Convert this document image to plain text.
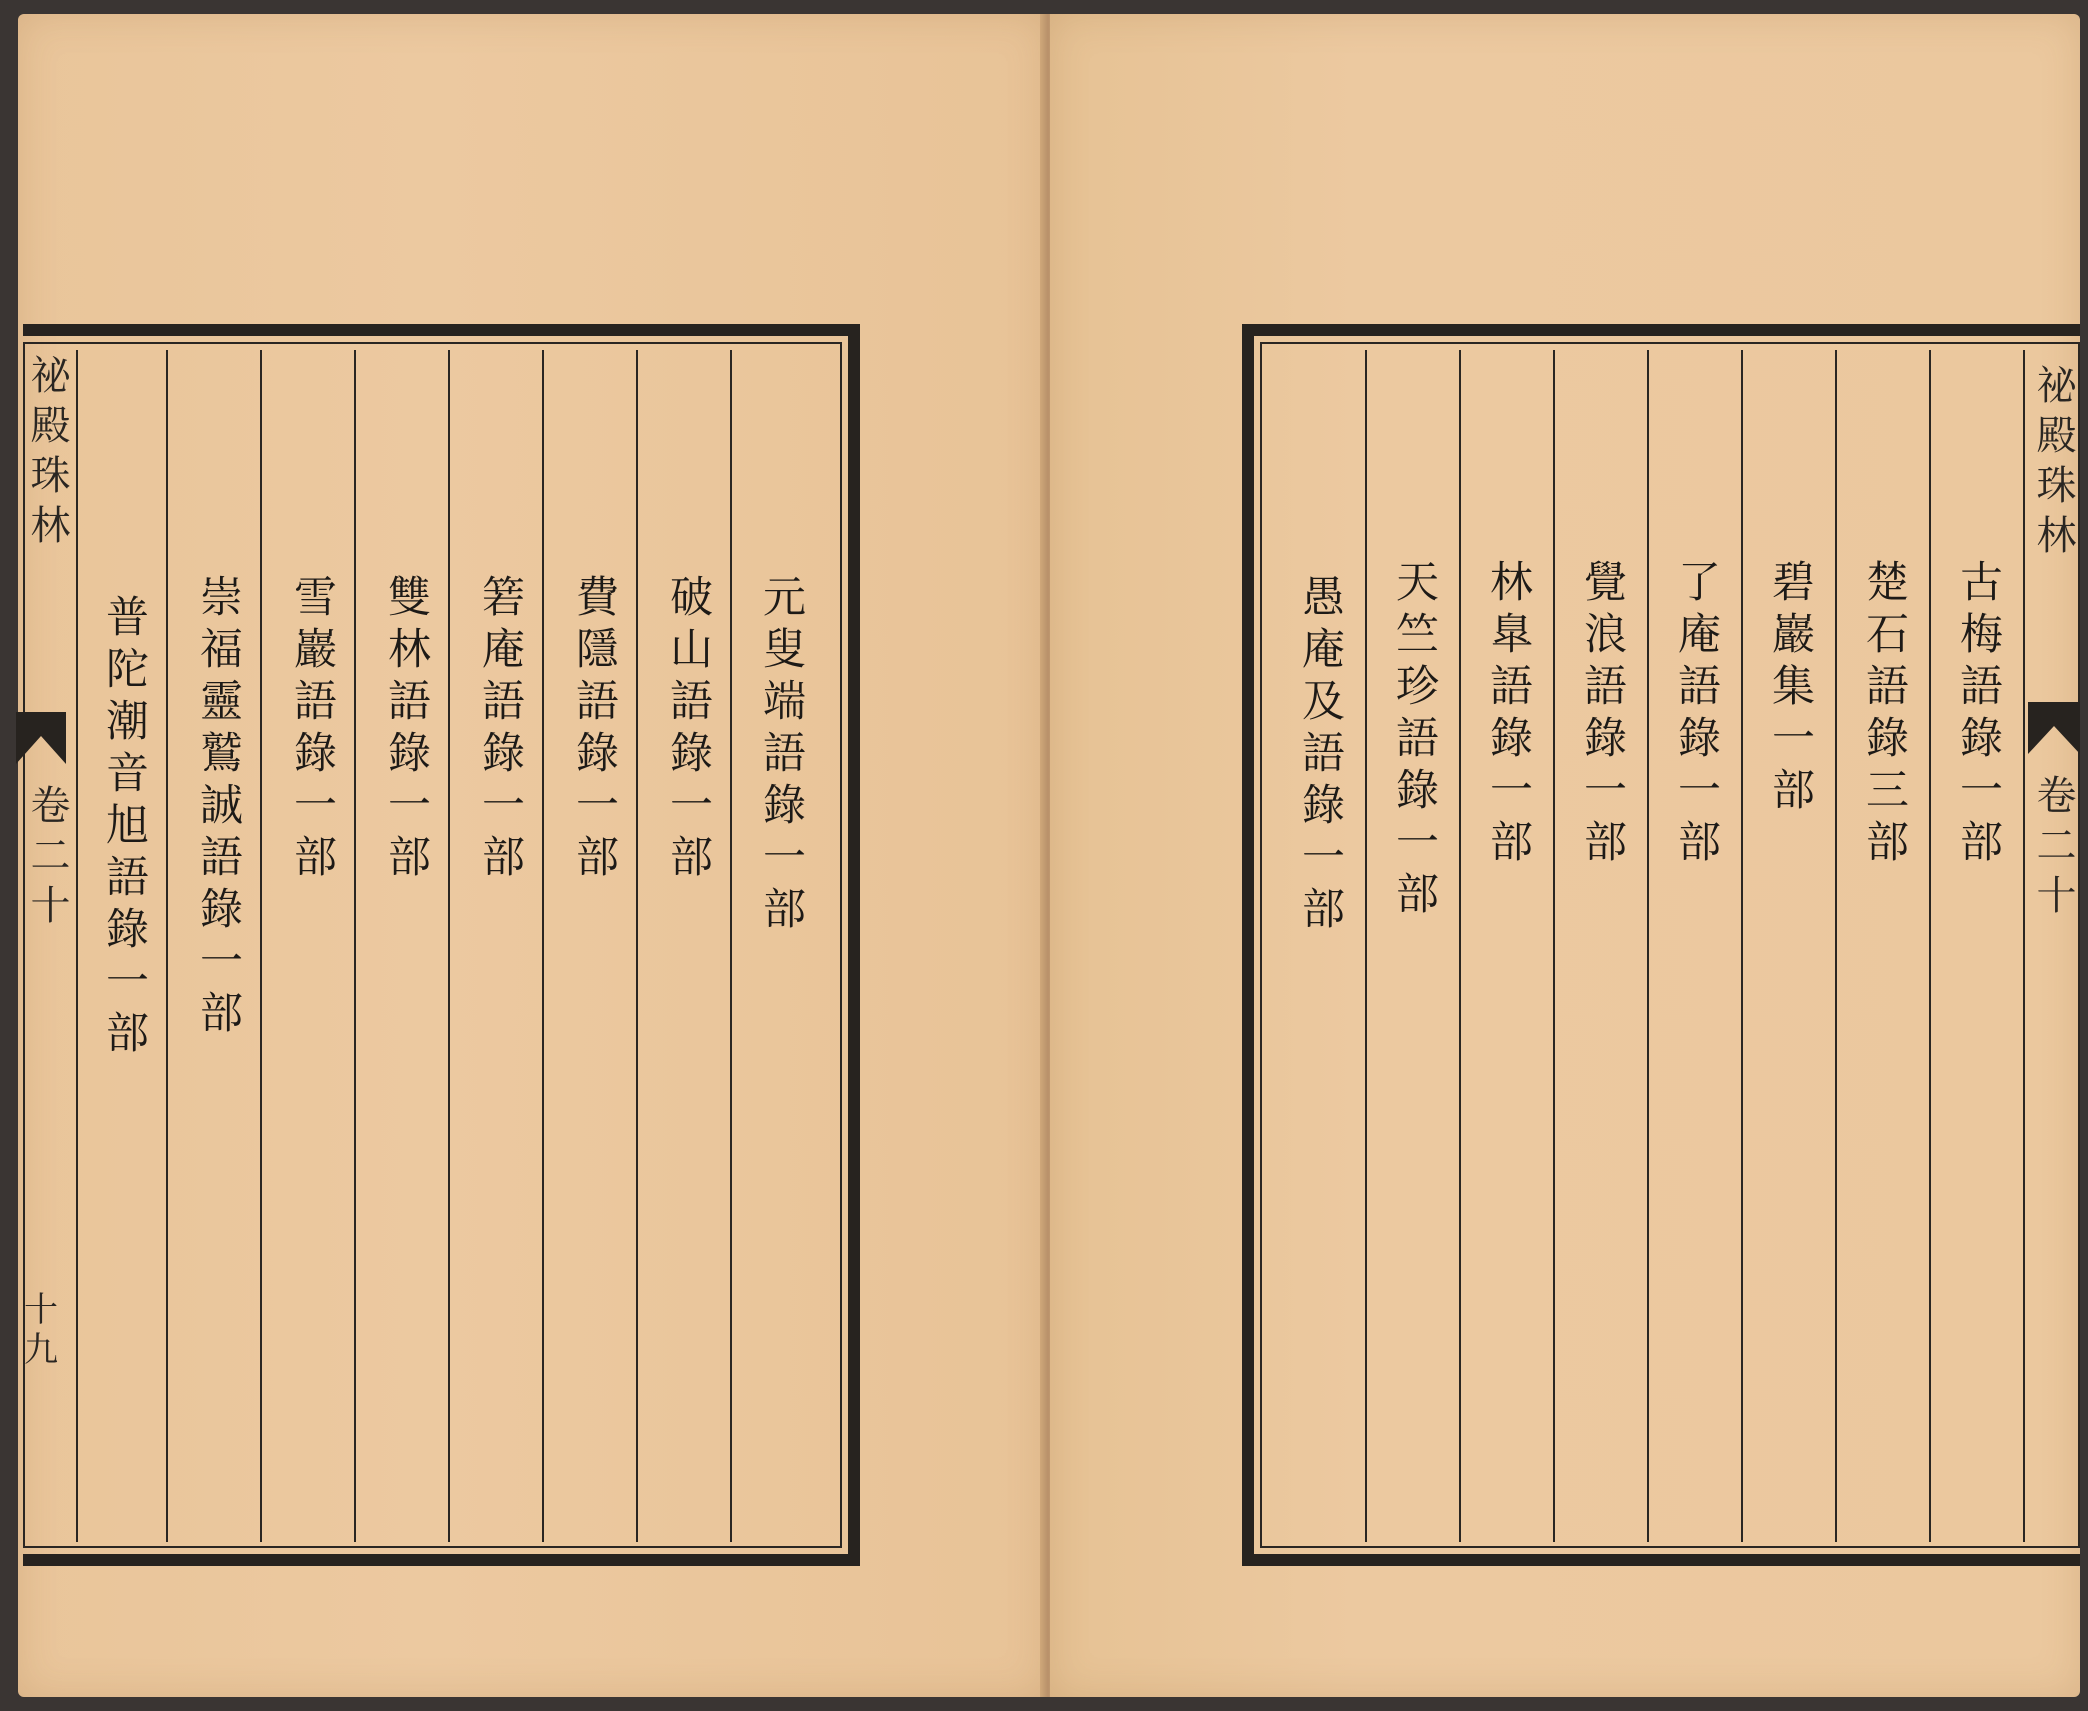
祕殿珠林
卷二十
十九
元叟端語錄一部
破山語錄一部
費隱語錄一部
箬庵語錄一部
雙林語錄一部
雪巖語錄一部
崇福靈鷲誠語錄一部
普陀潮音旭語錄一部
祕殿珠林
卷二十
古梅語錄一部
楚石語錄三部
碧巖集一部
了庵語錄一部
覺浪語錄一部
林臯語錄一部
天竺珍語錄一部
愚庵及語錄一部
